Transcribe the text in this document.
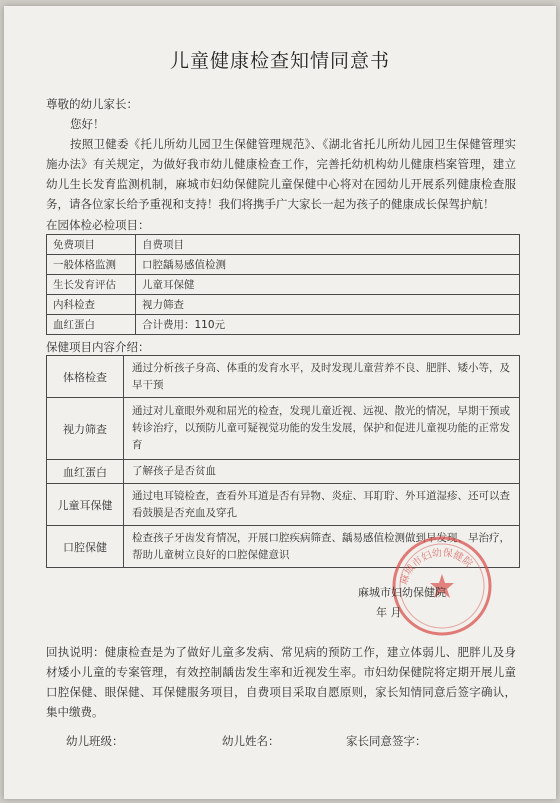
儿童健康检查知情同意书
尊敬的幼儿家长：
您好！
按照卫健委《托儿所幼儿园卫生保健管理规范》、《湖北省托儿所幼儿园卫生保健管理实施办法》有关规定，为做好我市幼儿健康检查工作，完善托幼机构幼儿健康档案管理，建立幼儿生长发育监测机制，麻城市妇幼保健院儿童保健中心将对在园幼儿开展系列健康检查服务，请各位家长给予重视和支持！我们将携手广大家长一起为孩子的健康成长保驾护航！
在园体检必检项目：
免费项目	自费项目
一般体格监测	口腔龋易感值检测
生长发育评估	儿童耳保健
内科检查	视力筛查
血红蛋白	合计费用：110元
保健项目内容介绍：
体格检查	通过分析孩子身高、体重的发育水平，及时发现儿童营养不良、肥胖、矮小等，及早干预
视力筛查	通过对儿童眼外观和屈光的检查，发现儿童近视、远视、散光的情况，早期干预或转诊治疗，以预防儿童可疑视觉功能的发生发展，保护和促进儿童视功能的正常发育
血红蛋白	了解孩子是否贫血
儿童耳保健	通过电耳镜检查，查看外耳道是否有异物、炎症、耳耵聍、外耳道湿疹、还可以查看鼓膜是否充血及穿孔
口腔保健	检查孩子牙齿发育情况，开展口腔疾病筛查、龋易感值检测做到早发现、早治疗，帮助儿童树立良好的口腔保健意识
麻城市妇幼保健院
麻城市妇幼保健院
年 月
回执说明：健康检查是为了做好儿童多发病、常见病的预防工作，建立体弱儿、肥胖儿及身材矮小儿童的专案管理，有效控制龋齿发生率和近视发生率。市妇幼保健院将定期开展儿童口腔保健、眼保健、耳保健服务项目，自费项目采取自愿原则，家长知情同意后签字确认，集中缴费。
幼儿班级：	幼儿姓名：	家长同意签字：
